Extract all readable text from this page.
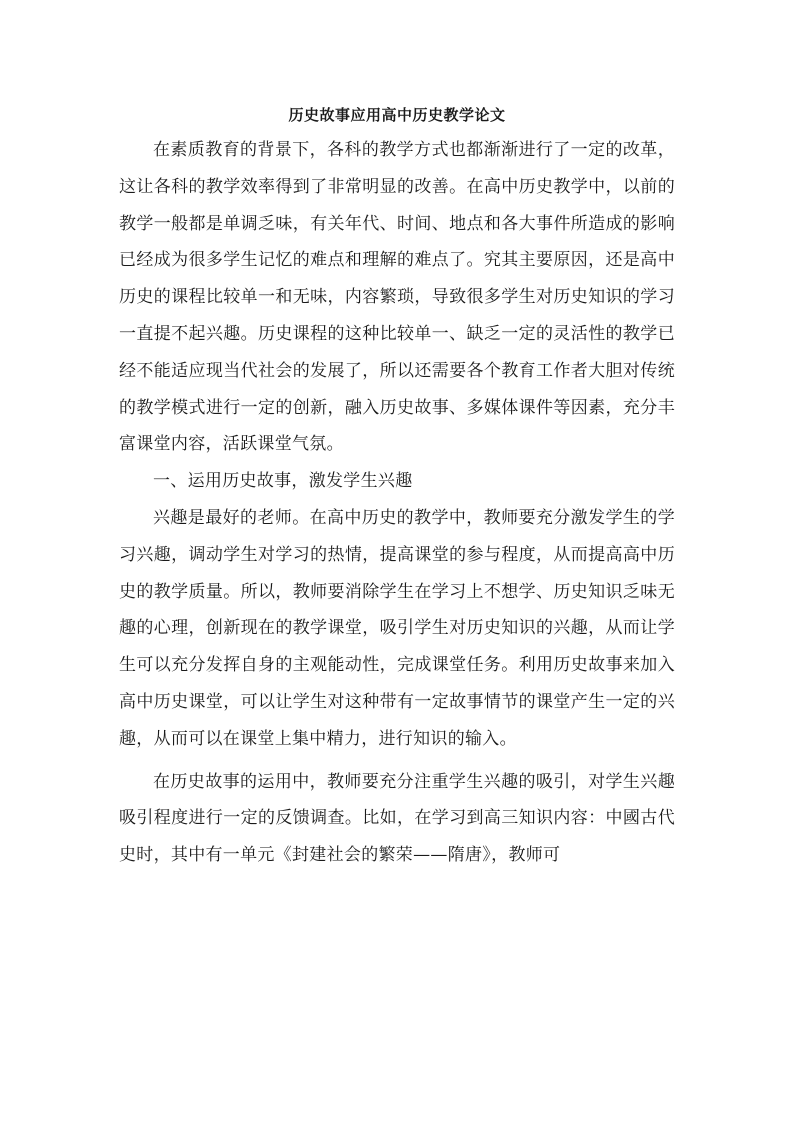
历史故事应用高中历史教学论文

在素质教育的背景下，各科的教学方式也都渐渐进行了一定的改革，这让各科的教学效率得到了非常明显的改善。在高中历史教学中，以前的教学一般都是单调乏味，有关年代、时间、地点和各大事件所造成的影响已经成为很多学生记忆的难点和理解的难点了。究其主要原因，还是高中历史的课程比较单一和无味，内容繁琐，导致很多学生对历史知识的学习一直提不起兴趣。历史课程的这种比较单一、缺乏一定的灵活性的教学已经不能适应现当代社会的发展了，所以还需要各个教育工作者大胆对传统的教学模式进行一定的创新，融入历史故事、多媒体课件等因素，充分丰富课堂内容，活跃课堂气氛。

一、运用历史故事，激发学生兴趣

兴趣是最好的老师。在高中历史的教学中，教师要充分激发学生的学习兴趣，调动学生对学习的热情，提高课堂的参与程度，从而提高高中历史的教学质量。所以，教师要消除学生在学习上不想学、历史知识乏味无趣的心理，创新现在的教学课堂，吸引学生对历史知识的兴趣，从而让学生可以充分发挥自身的主观能动性，完成课堂任务。利用历史故事来加入高中历史课堂，可以让学生对这种带有一定故事情节的课堂产生一定的兴趣，从而可以在课堂上集中精力，进行知识的输入。

在历史故事的运用中，教师要充分注重学生兴趣的吸引，对学生兴趣吸引程度进行一定的反馈调查。比如，在学习到高三知识内容：中國古代史时，其中有一单元《封建社会的繁荣——隋唐》，教师可
